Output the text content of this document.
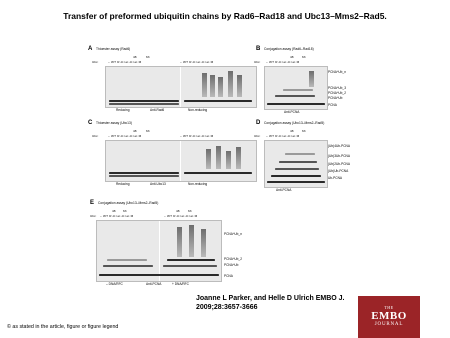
Transfer of preformed ubiquitin chains by Rad6–Rad18 and Ubc13–Mms2–Rad5.
A Thioester assay (Rad6)
48	63
Ubc:	– WT R di tet di tet M	– WT R di tet di tet M
Reducing	Anti-Rad6	Non-reducing
B Conjugation assay (Rad6–Rad18)
48	63
Ubc: – WT R di tet di tet M
PCNA^Ub_n
PCNA^Ub_3
PCNA^Ub_2
PCNA^Ub
PCNA
Anti-PCNA
C Thioester assay (Ubc13)
48	63
Ubc:	– WT R di tet di tet M	– WT R di tet di tet M
Reducing	Anti-Ubc13	Non-reducing
D Conjugation assay (Ubc13–Mms2–Rad5)
48	63
Ubc: – WT R di tet di tet M
(Ub)4Ub-PCNA
(Ub)3Ub-PCNA
(Ub)2Ub-PCNA
(Ub)Ub-PCNA
Ub-PCNA
Anti-PCNA
E Conjugation assay (Ubc13–Mms2–Rad5)
48 63	48	63
Ubc: – WT R di tet di tet M	– WT R di tet di tet M
PCNA^Ub_n
PCNA^Ub_2
PCNA^Ub
PCNA
– DNA/RFC	Anti-PCNA	+ DNA/RFC
Joanne L Parker, and Helle D Ulrich EMBO J. 2009;28:3657-3666
© as stated in the article, figure or figure legend
THE
EMBO
JOURNAL
